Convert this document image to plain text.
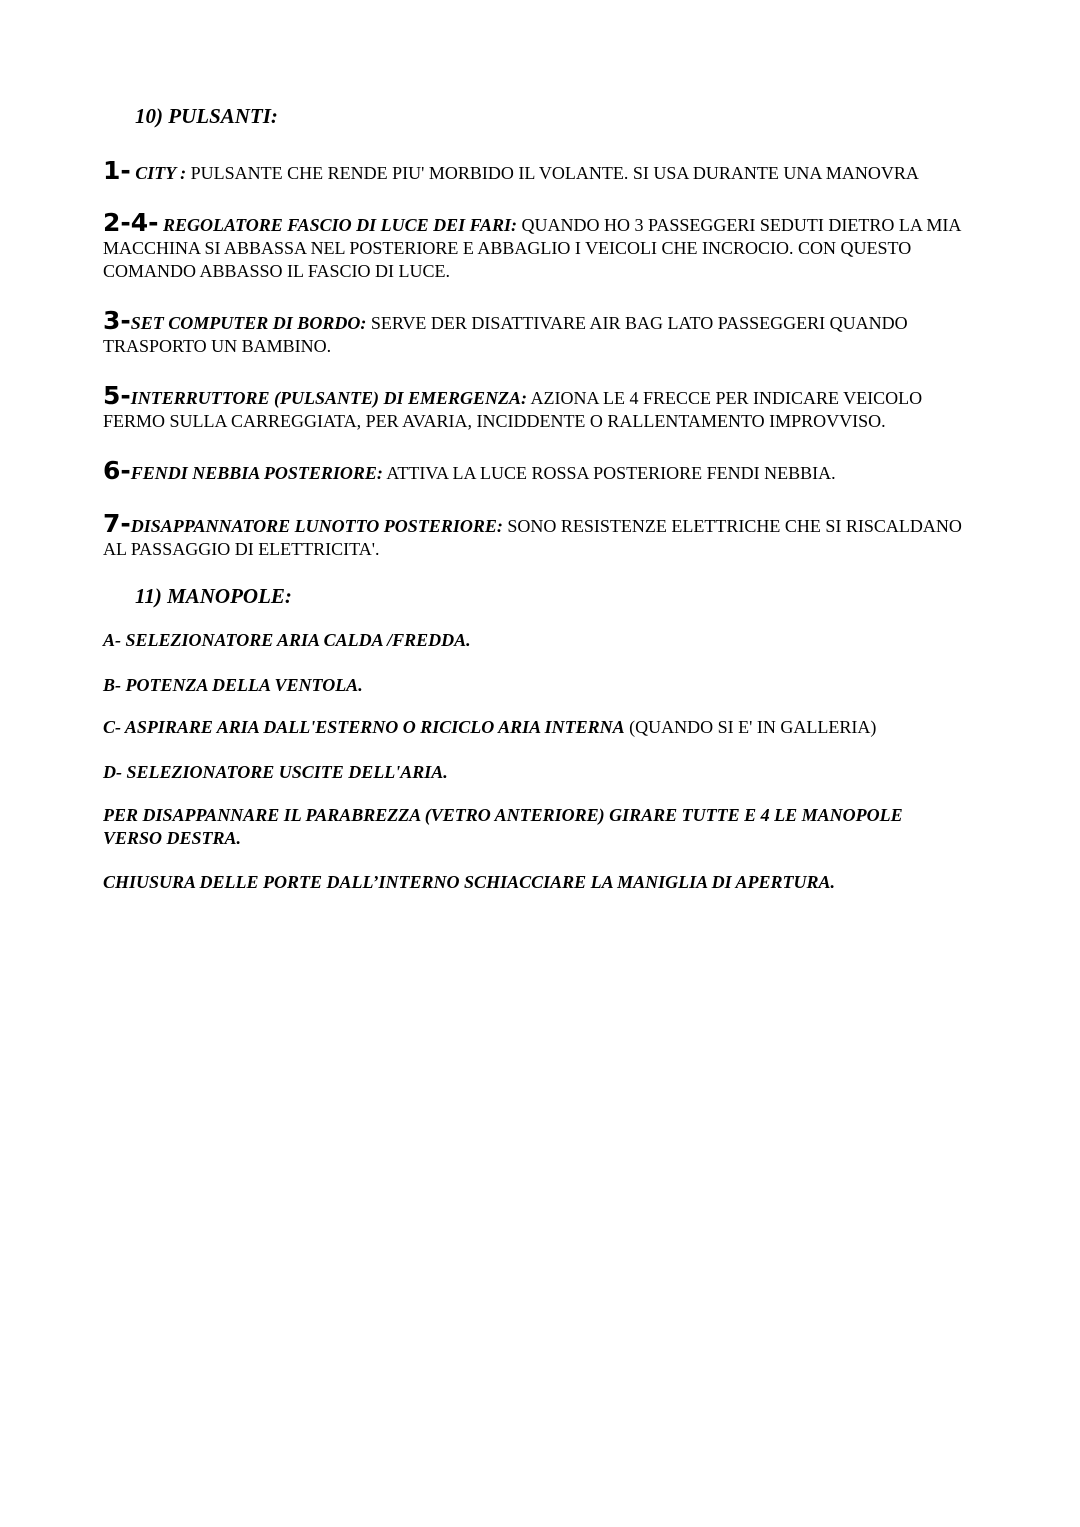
10) PULSANTI:
1- CITY : PULSANTE CHE RENDE PIU' MORBIDO IL VOLANTE. SI USA DURANTE UNA MANOVRA
2-4- REGOLATORE FASCIO DI LUCE DEI FARI: QUANDO HO 3 PASSEGGERI SEDUTI DIETRO LA MIA MACCHINA SI ABBASSA NEL POSTERIORE E ABBAGLIO I VEICOLI CHE INCROCIO. CON QUESTO COMANDO ABBASSO IL FASCIO DI LUCE.
3-SET COMPUTER DI BORDO: SERVE DER DISATTIVARE AIR BAG LATO PASSEGGERI QUANDO TRASPORTO UN BAMBINO.
5-INTERRUTTORE (PULSANTE) DI EMERGENZA: AZIONA LE 4 FRECCE PER INDICARE VEICOLO FERMO SULLA CARREGGIATA, PER AVARIA, INCIDDENTE O RALLENTAMENTO IMPROVVISO.
6-FENDI NEBBIA POSTERIORE: ATTIVA LA LUCE ROSSA POSTERIORE FENDI NEBBIA.
7-DISAPPANNATORE LUNOTTO POSTERIORE: SONO RESISTENZE ELETTRICHE CHE SI RISCALDANO AL PASSAGGIO DI ELETTRICITA'.
11) MANOPOLE:
A- SELEZIONATORE ARIA CALDA /FREDDA.
B- POTENZA DELLA VENTOLA.
C- ASPIRARE ARIA DALL'ESTERNO O RICICLO ARIA INTERNA (QUANDO SI E' IN GALLERIA)
D- SELEZIONATORE USCITE DELL'ARIA.
PER DISAPPANNARE IL PARABREZZA (VETRO ANTERIORE) GIRARE TUTTE E 4 LE MANOPOLE VERSO DESTRA.
CHIUSURA DELLE PORTE DALL’INTERNO SCHIACCIARE LA MANIGLIA DI APERTURA.
